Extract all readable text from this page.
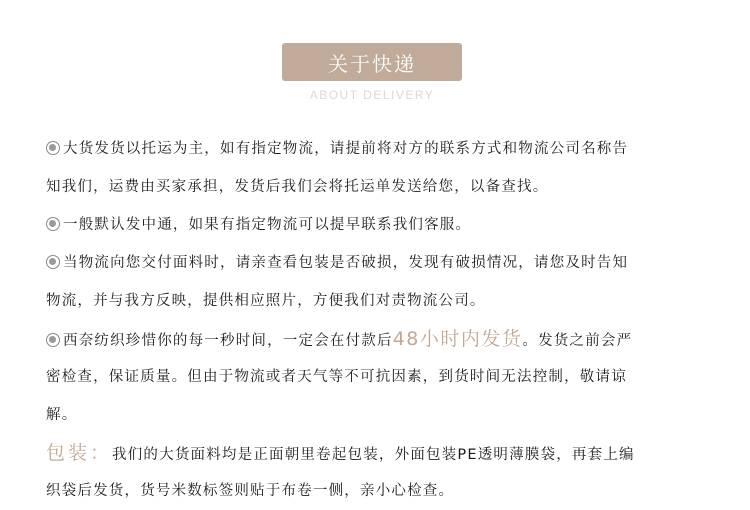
关于快递
ABOUT DELIVERY
大货发货以托运为主，如有指定物流，请提前将对方的联系方式和物流公司名称告
知我们，运费由买家承担，发货后我们会将托运单发送给您，以备查找。
一般默认发中通，如果有指定物流可以提早联系我们客服。
当物流向您交付面料时，请亲查看包装是否破损，发现有破损情况，请您及时告知
物流，并与我方反映，提供相应照片，方便我们对责物流公司。
西奈纺织珍惜你的每一秒时间，一定会在付款后48小时内发货。发货之前会严
密检查，保证质量。但由于物流或者天气等不可抗因素，到货时间无法控制，敬请谅
解。
包装：我们的大货面料均是正面朝里卷起包装，外面包装PE透明薄膜袋，再套上编
织袋后发货，货号米数标签则贴于布卷一侧，亲小心检查。
